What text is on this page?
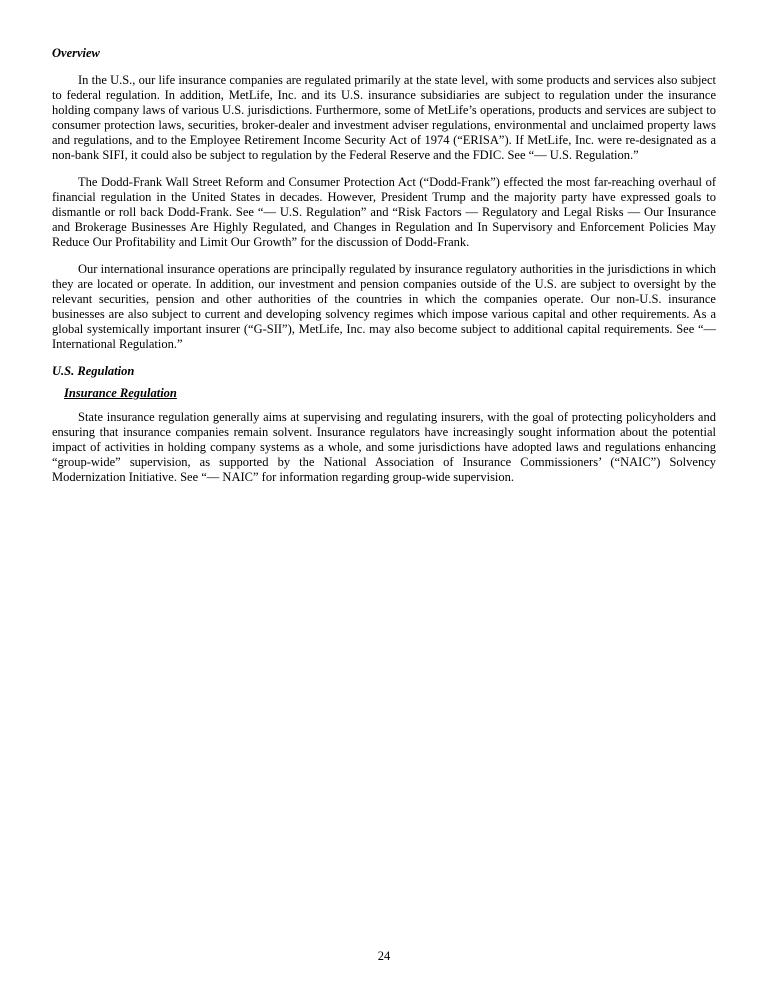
Overview

In the U.S., our life insurance companies are regulated primarily at the state level, with some products and services also subject to federal regulation. In addition, MetLife, Inc. and its U.S. insurance subsidiaries are subject to regulation under the insurance holding company laws of various U.S. jurisdictions. Furthermore, some of MetLife’s operations, products and services are subject to consumer protection laws, securities, broker-dealer and investment adviser regulations, environmental and unclaimed property laws and regulations, and to the Employee Retirement Income Security Act of 1974 (“ERISA”). If MetLife, Inc. were re-designated as a non-bank SIFI, it could also be subject to regulation by the Federal Reserve and the FDIC. See “— U.S. Regulation.”

The Dodd-Frank Wall Street Reform and Consumer Protection Act (“Dodd-Frank”) effected the most far-reaching overhaul of financial regulation in the United States in decades. However, President Trump and the majority party have expressed goals to dismantle or roll back Dodd-Frank. See “— U.S. Regulation” and “Risk Factors — Regulatory and Legal Risks — Our Insurance and Brokerage Businesses Are Highly Regulated, and Changes in Regulation and In Supervisory and Enforcement Policies May Reduce Our Profitability and Limit Our Growth” for the discussion of Dodd-Frank.

Our international insurance operations are principally regulated by insurance regulatory authorities in the jurisdictions in which they are located or operate. In addition, our investment and pension companies outside of the U.S. are subject to oversight by the relevant securities, pension and other authorities of the countries in which the companies operate. Our non-U.S. insurance businesses are also subject to current and developing solvency regimes which impose various capital and other requirements. As a global systemically important insurer (“G-SII”), MetLife, Inc. may also become subject to additional capital requirements. See “— International Regulation.”

U.S. Regulation
Insurance Regulation

State insurance regulation generally aims at supervising and regulating insurers, with the goal of protecting policyholders and ensuring that insurance companies remain solvent. Insurance regulators have increasingly sought information about the potential impact of activities in holding company systems as a whole, and some jurisdictions have adopted laws and regulations enhancing “group-wide” supervision, as supported by the National Association of Insurance Commissioners’ (“NAIC”) Solvency Modernization Initiative. See “— NAIC” for information regarding group-wide supervision.

24
